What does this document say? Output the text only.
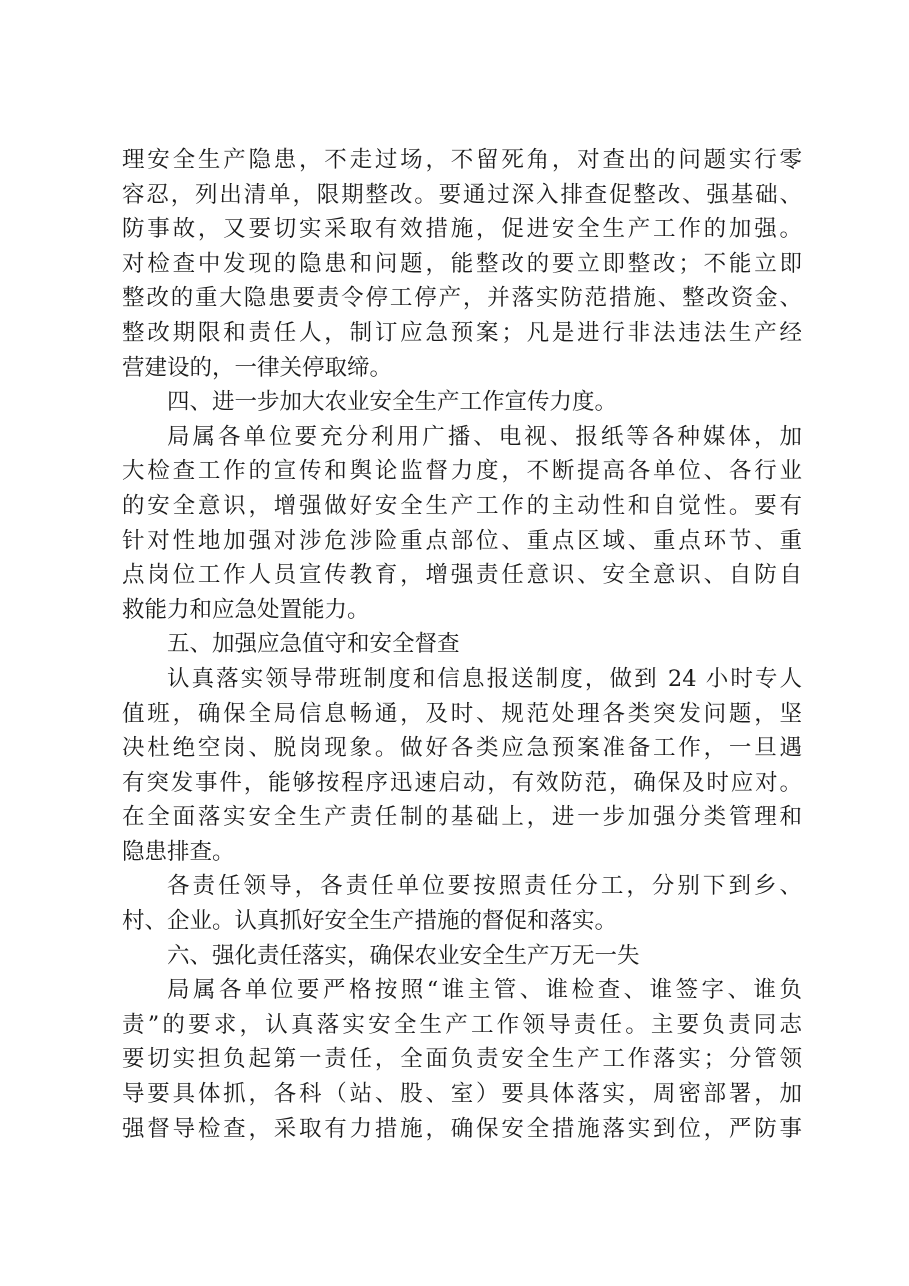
理安全生产隐患，不走过场，不留死角，对查出的问题实行零
容忍，列出清单，限期整改。要通过深入排查促整改、强基础、
防事故，又要切实采取有效措施，促进安全生产工作的加强。
对检查中发现的隐患和问题，能整改的要立即整改；不能立即
整改的重大隐患要责令停工停产，并落实防范措施、整改资金、
整改期限和责任人，制订应急预案；凡是进行非法违法生产经
营建设的，一律关停取缔。
四、进一步加大农业安全生产工作宣传力度。
局属各单位要充分利用广播、电视、报纸等各种媒体，加
大检查工作的宣传和舆论监督力度，不断提高各单位、各行业
的安全意识，增强做好安全生产工作的主动性和自觉性。要有
针对性地加强对涉危涉险重点部位、重点区域、重点环节、重
点岗位工作人员宣传教育，增强责任意识、安全意识、自防自
救能力和应急处置能力。
五、加强应急值守和安全督查
认真落实领导带班制度和信息报送制度，做到 24 小时专人
值班，确保全局信息畅通，及时、规范处理各类突发问题，坚
决杜绝空岗、脱岗现象。做好各类应急预案准备工作，一旦遇
有突发事件，能够按程序迅速启动，有效防范，确保及时应对。
在全面落实安全生产责任制的基础上，进一步加强分类管理和
隐患排查。
各责任领导，各责任单位要按照责任分工，分别下到乡、
村、企业。认真抓好安全生产措施的督促和落实。
六、强化责任落实，确保农业安全生产万无一失
局属各单位要严格按照“谁主管、谁检查、谁签字、谁负
责”的要求，认真落实安全生产工作领导责任。主要负责同志
要切实担负起第一责任，全面负责安全生产工作落实；分管领
导要具体抓，各科（站、股、室）要具体落实，周密部署，加
强督导检查，采取有力措施，确保安全措施落实到位，严防事
